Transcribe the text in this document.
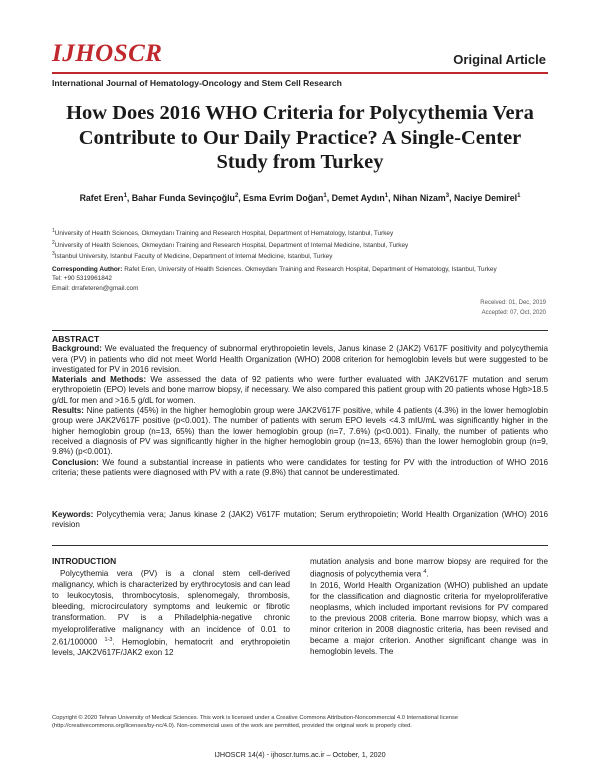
IJHOSCR	Original Article
International Journal of Hematology-Oncology and Stem Cell Research
How Does 2016 WHO Criteria for Polycythemia Vera Contribute to Our Daily Practice? A Single-Center Study from Turkey
Rafet Eren$^1$, Bahar Funda Sevinçoğlu$^2$, Esma Evrim Doğan$^1$, Demet Aydın$^1$, Nihan Nizam$^3$, Naciye Demirel$^1$
$^1$University of Health Sciences, Okmeydanı Training and Research Hospital, Department of Hematology, Istanbul, Turkey
$^2$University of Health Sciences, Okmeydanı Training and Research Hospital, Department of Internal Medicine, Istanbul, Turkey
$^3$Istanbul University, Istanbul Faculty of Medicine, Department of Internal Medicine, Istanbul, Turkey
Corresponding Author: Rafet Eren, University of Health Sciences. Okmeydanı Training and Research Hospital, Department of Hematology, Istanbul, Turkey
Tel: +90 5319961842
Email: drrafeteren@gmail.com
Received: 01, Dec, 2019
Accepted: 07, Oct, 2020

ABSTRACT

Background: We evaluated the frequency of subnormal erythropoietin levels, Janus kinase 2 (JAK2) V617F positivity and polycythemia vera (PV) in patients who did not meet World Health Organization (WHO) 2008 criterion for hemoglobin levels but were suggested to be investigated for PV in 2016 revision.

Materials and Methods: We assessed the data of 92 patients who were further evaluated with JAK2V617F mutation and serum erythropoietin (EPO) levels and bone marrow biopsy, if necessary. We also compared this patient group with 20 patients whose Hgb>18.5 g/dL for men and >16.5 g/dL for women.

Results: Nine patients (45%) in the higher hemoglobin group were JAK2V617F positive, while 4 patients (4.3%) in the lower hemoglobin group were JAK2V617F positive (p<0.001). The number of patients with serum EPO levels <4.3 mIU/mL was significantly higher in the higher hemoglobin group (n=13, 65%) than the lower hemoglobin group (n=7, 7.6%) (p<0.001). Finally, the number of patients who received a diagnosis of PV was significantly higher in the higher hemoglobin group (n=13, 65%) than the lower hemoglobin group (n=9, 9.8%) (p<0.001).

Conclusion: We found a substantial increase in patients who were candidates for testing for PV with the introduction of WHO 2016 criteria; these patients were diagnosed with PV with a rate (9.8%) that cannot be underestimated.

Keywords: Polycythemia vera; Janus kinase 2 (JAK2) V617F mutation; Serum erythropoietin; World Health Organization (WHO) 2016 revision

INTRODUCTION

Polycythemia vera (PV) is a clonal stem cell-derived malignancy, which is characterized by erythrocytosis and can lead to leukocytosis, thrombocytosis, splenomegaly, thrombosis, bleeding, microcirculatory symptoms and leukemic or fibrotic transformation. PV is a Philadelphia-negative chronic myeloproliferative malignancy with an incidence of 0.01 to 2.61/100000 $^{1-3}$. Hemoglobin, hematocrit and erythropoietin levels, JAK2V617F/JAK2 exon 12

mutation analysis and bone marrow biopsy are required for the diagnosis of polycythemia vera $^4$.

In 2016, World Health Organization (WHO) published an update for the classification and diagnostic criteria for myeloproliferative neoplasms, which included important revisions for PV compared to the previous 2008 criteria. Bone marrow biopsy, which was a minor criterion in 2008 diagnostic criteria, has been revised and became a major criterion. Another significant change was in hemoglobin levels. The

Copyright © 2020 Tehran University of Medical Sciences. This work is licensed under a Creative Commons Attribution-Noncommercial 4.0 International license (http://creativecommons.org/licenses/by-nc/4.0). Non-commercial uses of the work are permitted, provided the original work is properly cited.
IJHOSCR 14(4) - ijhoscr.tums.ac.ir – October, 1, 2020
